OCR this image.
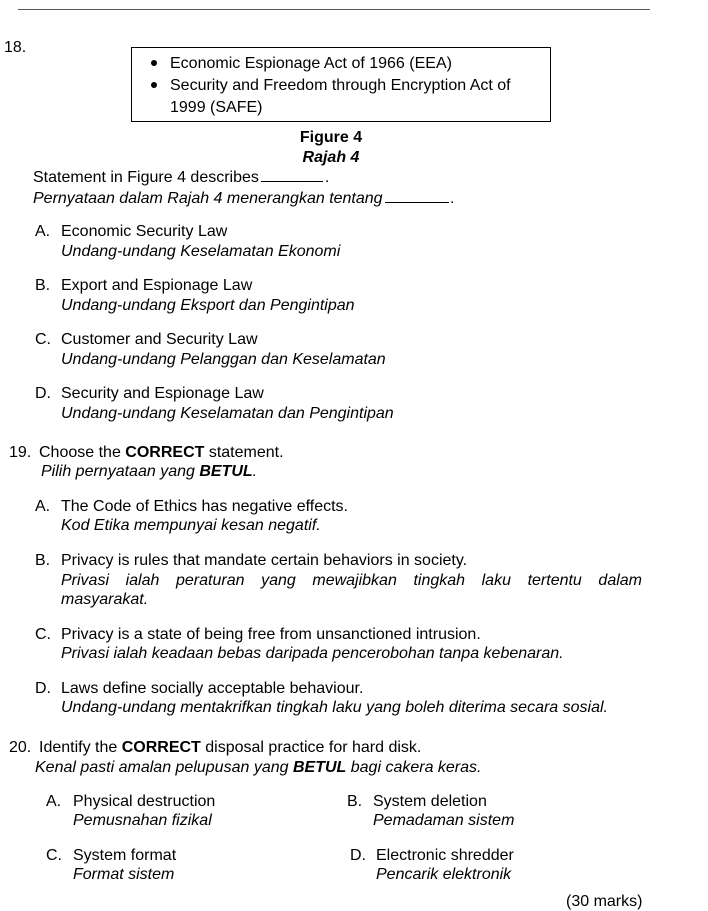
18.
Economic Espionage Act of 1966 (EEA)
Security and Freedom through Encryption Act of
1999 (SAFE)
Figure 4
Rajah 4
Statement in Figure 4 describes	.
Pernyataan dalam Rajah 4 menerangkan tentang	.
A. Economic Security Law
Undang-undang Keselamatan Ekonomi
B. Export and Espionage Law
Undang-undang Eksport dan Pengintipan
C. Customer and Security Law
Undang-undang Pelanggan dan Keselamatan
D. Security and Espionage Law
Undang-undang Keselamatan dan Pengintipan
19. Choose the CORRECT statement.
Pilih pernyataan yang BETUL.
A. The Code of Ethics has negative effects.
Kod Etika mempunyai kesan negatif.
B. Privacy is rules that mandate certain behaviors in society.
Privasi ialah peraturan yang mewajibkan tingkah laku tertentu dalam
masyarakat.
C. Privacy is a state of being free from unsanctioned intrusion.
Privasi ialah keadaan bebas daripada pencerobohan tanpa kebenaran.
D. Laws define socially acceptable behaviour.
Undang-undang mentakrifkan tingkah laku yang boleh diterima secara sosial.
20. Identify the CORRECT disposal practice for hard disk.
Kenal pasti amalan pelupusan yang BETUL bagi cakera keras.
A. Physical destruction
Pemusnahan fizikal
B. System deletion
Pemadaman sistem
C. System format
Format sistem
D. Electronic shredder
Pencarik elektronik
(30 marks)
